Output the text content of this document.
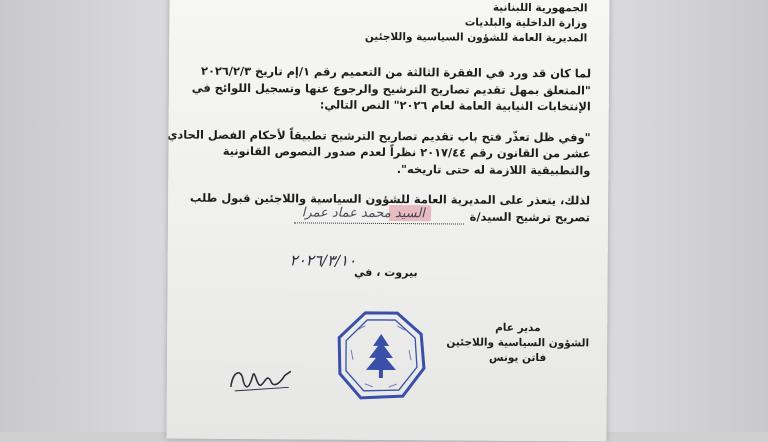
الجمهورية اللبنانية
وزارة الداخلية والبلديات
المديرية العامة للشؤون السياسية واللاجئين

لما كان قد ورد في الفقرة الثالثة من التعميم رقم ١/إم تاريخ ٢٠٢٦/٢/٣
"المتعلق بمهل تقديم تصاريح الترشيح والرجوع عنها وتسجيل اللوائح في
الإنتخابات النيابية العامة لعام ٢٠٢٦" النص التالي:

"وفي ظل تعذّر فتح باب تقديم تصاريح الترشيح تطبيقاً لأحكام الفصل الحادي
عشر من القانون رقم ٢٠١٧/٤٤ نظراً لعدم صدور النصوص القانونية
والتطبيقية اللازمة له حتى تاريخه".

لذلك، يتعذر على المديرية العامة للشؤون السياسية واللاجئين قبول طلب
تصريح ترشيح السيد/ة
السيد محمد عماد عمرا

بيروت ، في
٢٠٢٦/٣/١٠
مدير عام
الشؤون السياسية واللاجئين
فاتن يونس
